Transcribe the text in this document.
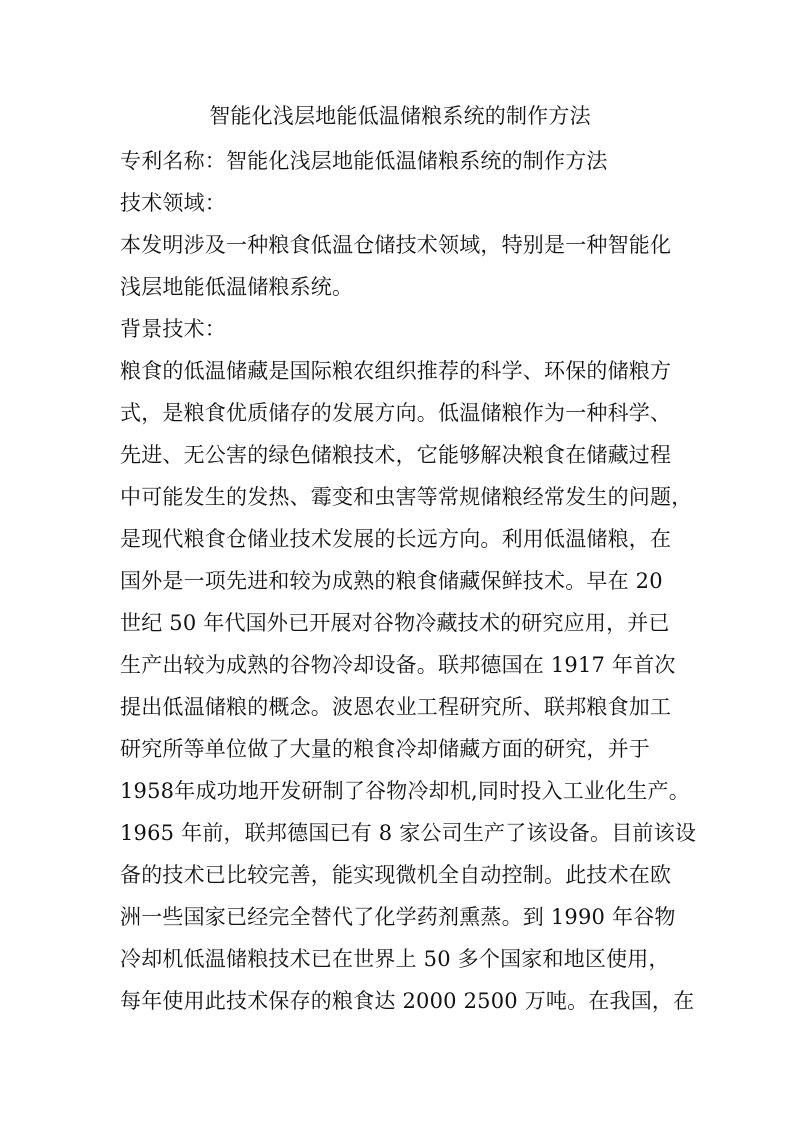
智能化浅层地能低温储粮系统的制作方法
专利名称：智能化浅层地能低温储粮系统的制作方法
技术领域：
本发明涉及一种粮食低温仓储技术领域，特别是一种智能化
浅层地能低温储粮系统。
背景技术：
粮食的低温储藏是国际粮农组织推荐的科学、环保的储粮方
式，是粮食优质储存的发展方向。低温储粮作为一种科学、
先进、无公害的绿色储粮技术，它能够解决粮食在储藏过程
中可能发生的发热、霉变和虫害等常规储粮经常发生的问题，
是现代粮食仓储业技术发展的长远方向。利用低温储粮，在
国外是一项先进和较为成熟的粮食储藏保鲜技术。早在 20
世纪 50 年代国外已开展对谷物冷藏技术的研究应用，并已
生产出较为成熟的谷物冷却设备。联邦德国在 1917 年首次
提出低温储粮的概念。波恩农业工程研究所、联邦粮食加工
研究所等单位做了大量的粮食冷却储藏方面的研究，并于
1958年成功地开发研制了谷物冷却机,同时投入工业化生产。
1965 年前，联邦德国已有 8 家公司生产了该设备。目前该设
备的技术已比较完善，能实现微机全自动控制。此技术在欧
洲一些国家已经完全替代了化学药剂熏蒸。到 1990 年谷物
冷却机低温储粮技术已在世界上 50 多个国家和地区使用，
每年使用此技术保存的粮食达 2000 2500 万吨。在我国，在
